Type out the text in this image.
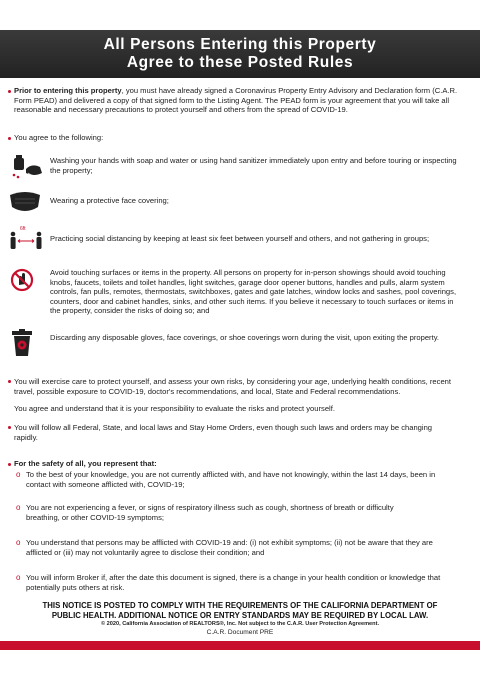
All Persons Entering this Property
Agree to these Posted Rules
Prior to entering this property, you must have already signed a Coronavirus Property Entry Advisory and Declaration form (C.A.R. Form PEAD) and delivered a copy of that signed form to the Listing Agent. The PEAD form is your agreement that you will take all reasonable and necessary precautions to protect yourself and others from the spread of COVID-19.
You agree to the following:
Washing your hands with soap and water or using hand sanitizer immediately upon entry and before touring or inspecting the property;
Wearing a protective face covering;
6ft
Practicing social distancing by keeping at least six feet between yourself and others, and not gathering in groups;
Avoid touching surfaces or items in the property. All persons on property for in-person showings should avoid touching knobs, faucets, toilets and toilet handles, light switches, garage door opener buttons, handles and pulls, alarm system controls, fan pulls, remotes, thermostats, switchboxes, gates and gate latches, window locks and sashes, pool coverings, counters, door and cabinet handles, sinks, and other such items. If you believe it necessary to touch surfaces or items in the property, consider the risks of doing so; and
Discarding any disposable gloves, face coverings, or shoe coverings worn during the visit, upon exiting the property.
You will exercise care to protect yourself, and assess your own risks, by considering your age, underlying health conditions, recent travel, possible exposure to COVID-19, doctor's recommendations, and local, State and Federal recommendations.
You agree and understand that it is your responsibility to evaluate the risks and protect yourself.
You will follow all Federal, State, and local laws and Stay Home Orders, even though such laws and orders may be changing rapidly.
For the safety of all, you represent that:
o To the best of your knowledge, you are not currently afflicted with, and have not knowingly, within the last 14 days, been in contact with someone afflicted with, COVID-19;
o You are not experiencing a fever, or signs of respiratory illness such as cough, shortness of breath or difficulty breathing, or other COVID-19 symptoms;
o You understand that persons may be afflicted with COVID-19 and: (i) not exhibit symptoms; (ii) not be aware that they are afflicted or (iii) may not voluntarily agree to disclose their condition; and
o You will inform Broker if, after the date this document is signed, there is a change in your health condition or knowledge that potentially puts others at risk.
THIS NOTICE IS POSTED TO COMPLY WITH THE REQUIREMENTS OF THE CALIFORNIA DEPARTMENT OF
PUBLIC HEALTH. ADDITIONAL NOTICE OR ENTRY STANDARDS MAY BE REQUIRED BY LOCAL LAW.
© 2020, California Association of REALTORS®, Inc. Not subject to the C.A.R. User Protection Agreement.
C.A.R. Document PRE
